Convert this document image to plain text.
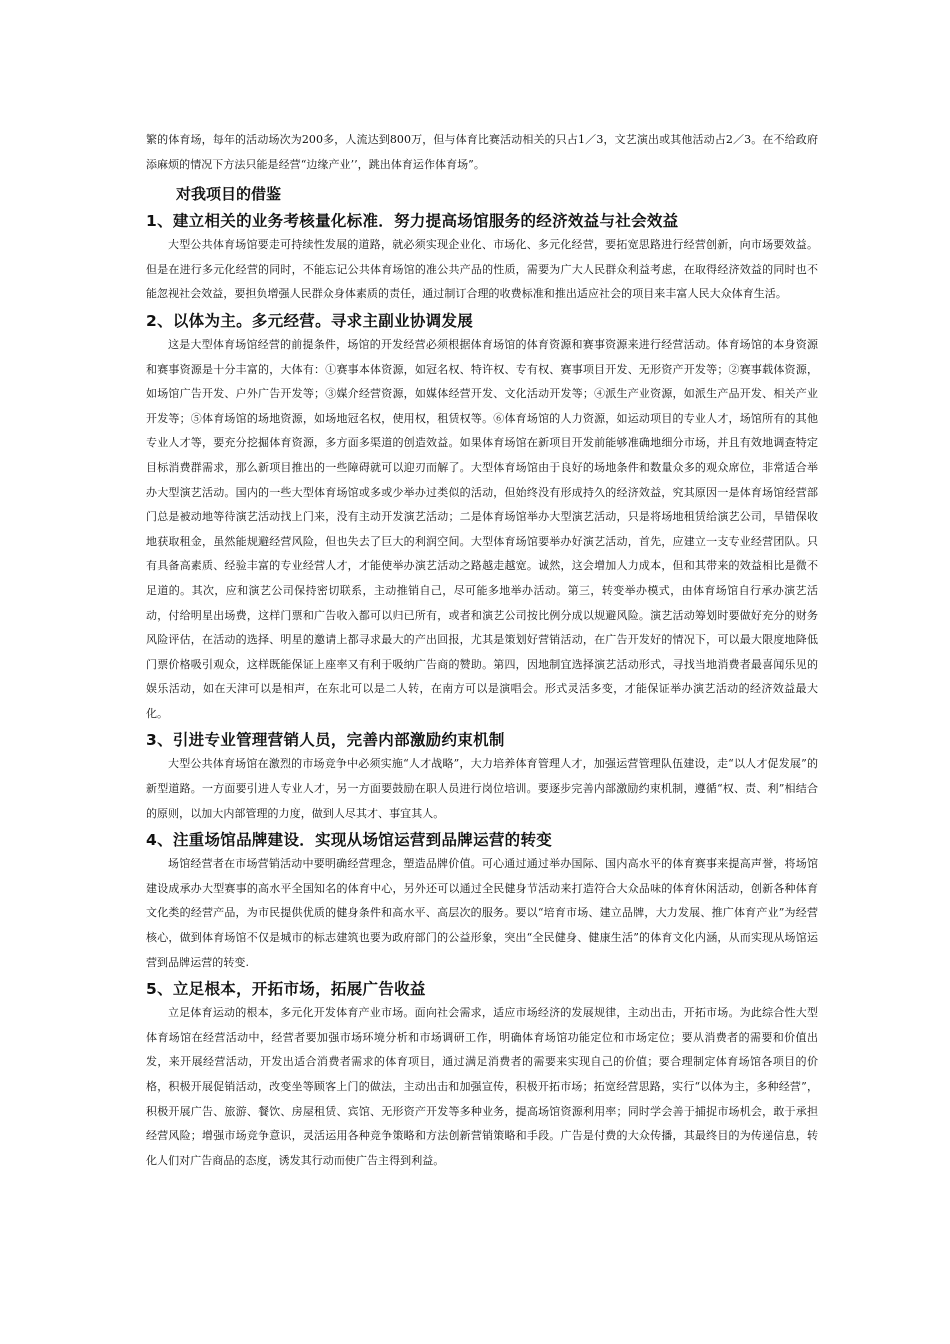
繁的体育场，每年的活动场次为200多，人流达到800万，但与体育比赛活动相关的只占1／3，文艺演出或其他活动占2／3。在不给政府添麻烦的情况下方法只能是经营“边缘产业’’，跳出体育运作体育场”。

对我项目的借鉴
1、建立相关的业务考核量化标准．努力提高场馆服务的经济效益与社会效益

大型公共体育场馆要走可持续性发展的道路，就必须实现企业化、市场化、多元化经营，要拓宽思路进行经营创新，向市场要效益。但是在进行多元化经营的同时，不能忘记公共体育场馆的准公共产品的性质，需要为广大人民群众利益考虑，在取得经济效益的同时也不能忽视社会效益，要担负增强人民群众身体素质的责任，通过制订合理的收费标准和推出适应社会的项目来丰富人民大众体育生活。

2、以体为主。多元经营。寻求主副业协调发展

这是大型体育场馆经营的前提条件，场馆的开发经营必须根据体育场馆的体育资源和赛事资源来进行经营活动。体育场馆的本身资源和赛事资源是十分丰富的，大体有：①赛事本体资源，如冠名权、特许权、专有权、赛事项目开发、无形资产开发等；②赛事载体资源，如场馆广告开发、户外广告开发等；③媒介经营资源，如媒体经营开发、文化活动开发等；④派生产业资源，如派生产品开发、相关产业开发等；⑤体育场馆的场地资源，如场地冠名权，使用权，租赁权等。⑥体育场馆的人力资源，如运动项目的专业人才，场馆所有的其他专业人才等，要充分挖掘体育资源，多方面多渠道的创造效益。如果体育场馆在新项目开发前能够准确地细分市场，并且有效地调查特定目标消费群需求，那么新项目推出的一些障碍就可以迎刃而解了。大型体育场馆由于良好的场地条件和数量众多的观众席位，非常适合举办大型演艺活动。国内的一些大型体育场馆或多或少举办过类似的活动，但始终没有形成持久的经济效益，究其原因一是体育场馆经营部门总是被动地等待演艺活动找上门来，没有主动开发演艺活动；二是体育场馆举办大型演艺活动，只是将场地租赁给演艺公司，旱错保收地获取租金，虽然能规避经营风险，但也失去了巨大的利润空间。大型体育场馆要举办好演艺活动，首先，应建立一支专业经营团队。只有具备高素质、经验丰富的专业经营人才，才能使举办演艺活动之路越走越宽。诚然，这会增加人力成本，但和其带来的效益相比是微不足道的。其次，应和演艺公司保持密切联系，主动推销自己，尽可能多地举办活动。第三，转变举办模式，由体育场馆自行承办演艺活动，付给明星出场费，这样门票和广告收入都可以归已所有，或者和演艺公司按比例分成以规避风险。演艺活动筹划时要做好充分的财务风险评估，在活动的选择、明星的邀请上都寻求最大的产出回报，尤其是策划好营销活动，在广告开发好的情况下，可以最大限度地降低门票价格吸引观众，这样既能保证上座率又有利于吸纳广告商的赞助。第四，因地制宜选择演艺活动形式，寻找当地消费者最喜闻乐见的娱乐活动，如在天津可以是相声，在东北可以是二人转，在南方可以是演唱会。形式灵活多变，才能保证举办演艺活动的经济效益最大化。

3、引进专业管理营销人员，完善内部激励约束机制

大型公共体育场馆在激烈的市场竞争中必须实施“人才战略”，大力培养体育管理人才，加强运营管理队伍建设，走“以人才促发展”的新型道路。一方面要引进人专业人才，另一方面要鼓励在职人员进行岗位培训。要逐步完善内部激励约束机制，遵循“权、责、利”相结合的原则，以加大内部管理的力度，做到人尽其才、事宜其人。

4、注重场馆品牌建设．实现从场馆运营到品牌运营的转变

场馆经营者在市场营销活动中要明确经营理念，塑造品牌价值。可心通过通过举办国际、国内高水平的体育赛事来提高声誉，将场馆建设成承办大型赛事的高水平全国知名的体育中心，另外还可以通过全民健身节活动来打造符合大众品味的体育休闲活动，创新各种体育文化类的经营产品，为市民提供优质的健身条件和高水平、高层次的服务。要以“培育市场、建立品牌，大力发展、推广体育产业”为经营核心，做到体育场馆不仅是城市的标志建筑也要为政府部门的公益形象，突出“全民健身、健康生活”的体育文化内涵，从而实现从场馆运营到品牌运营的转变.

5、立足根本，开拓市场，拓展广告收益

立足体育运动的根本，多元化开发体育产业市场。面向社会需求，适应市场经济的发展规律，主动出击，开拓市场。为此综合性大型体育场馆在经营活动中，经营者要加强市场环境分析和市场调研工作，明确体育场馆功能定位和市场定位；要从消费者的需要和价值出发，来开展经营活动，开发出适合消费者需求的体育项目，通过满足消费者的需要来实现自己的价值；要合理制定体育场馆各项目的价格，积极开展促销活动，改变坐等顾客上门的做法，主动出击和加强宣传，积极开拓市场；拓宽经营思路，实行“以体为主，多种经营”，积极开展广告、旅游、餐饮、房屋租赁、宾馆、无形资产开发等多种业务，提高场馆资源利用率；同时学会善于捕捉市场机会，敢于承担经营风险；增强市场竞争意识，灵活运用各种竞争策略和方法创新营销策略和手段。广告是付费的大众传播，其最终目的为传递信息，转化人们对广告商品的态度，诱发其行动而使广告主得到利益。
